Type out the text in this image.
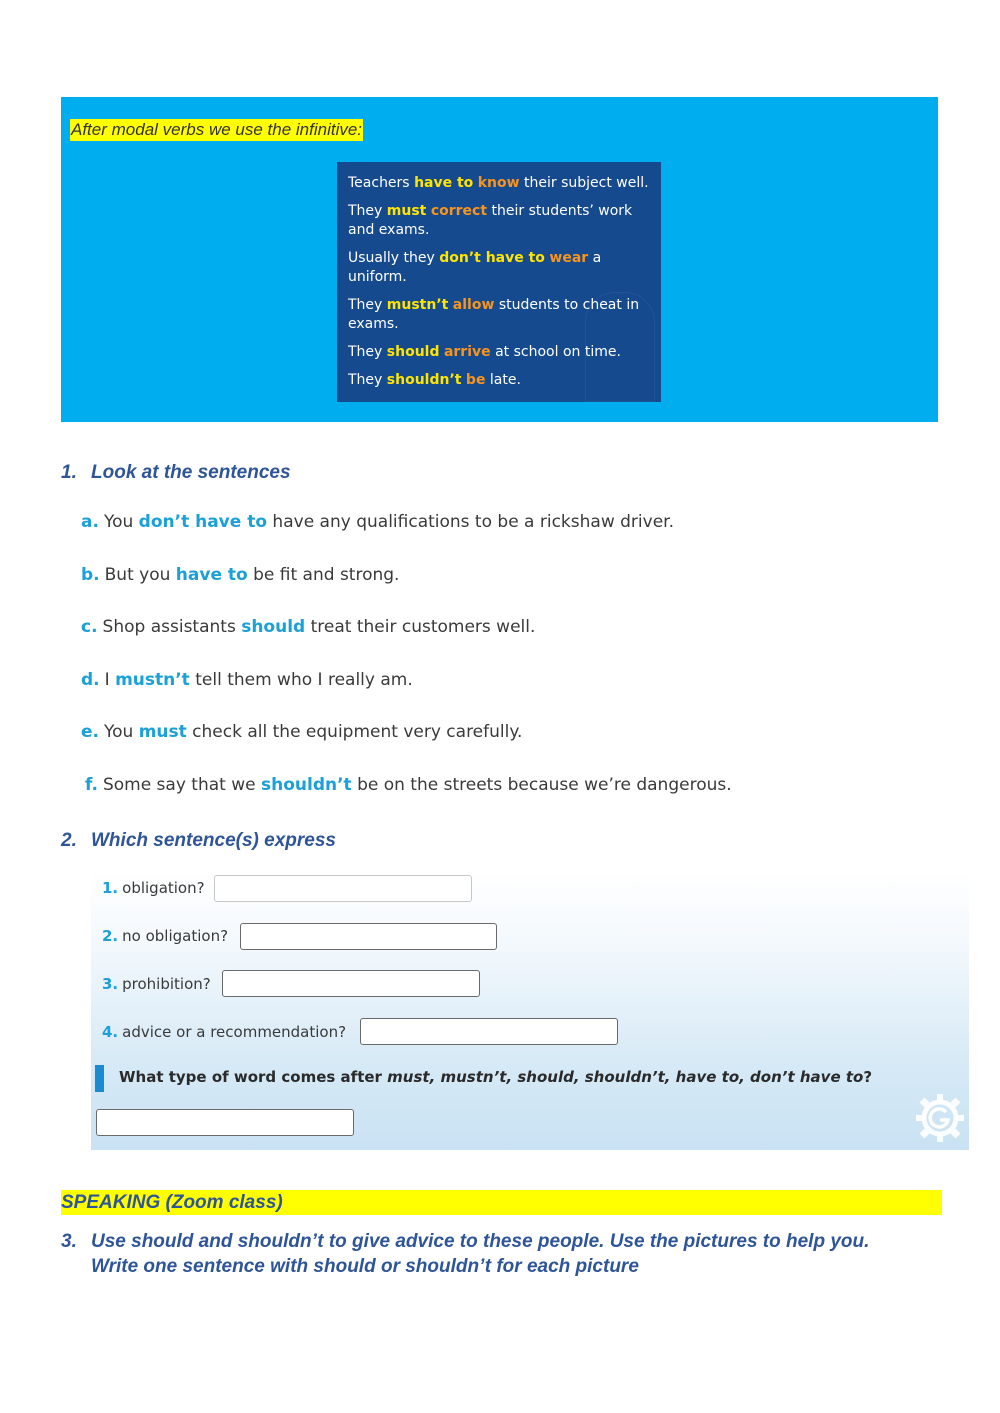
After modal verbs we use the infinitive:
Teachers have to know their subject well.
They must correct their students’ work and exams.
Usually they don’t have to wear a uniform.
They mustn’t allow students to cheat in exams.
They should arrive at school on time.
They shouldn’t be late.
1. Look at the sentences
a. You don’t have to have any qualifications to be a rickshaw driver.
b. But you have to be fit and strong.
c. Shop assistants should treat their customers well.
d. I mustn’t tell them who I really am.
e. You must check all the equipment very carefully.
f. Some say that we shouldn’t be on the streets because we’re dangerous.
2. Which sentence(s) express
1. obligation?
2. no obligation?
3. prohibition?
4. advice or a recommendation?
What type of word comes after must, mustn’t, should, shouldn’t, have to, don’t have to?
SPEAKING (Zoom class)
3. Use should and shouldn’t to give advice to these people. Use the pictures to help you.
Write one sentence with should or shouldn’t for each picture
